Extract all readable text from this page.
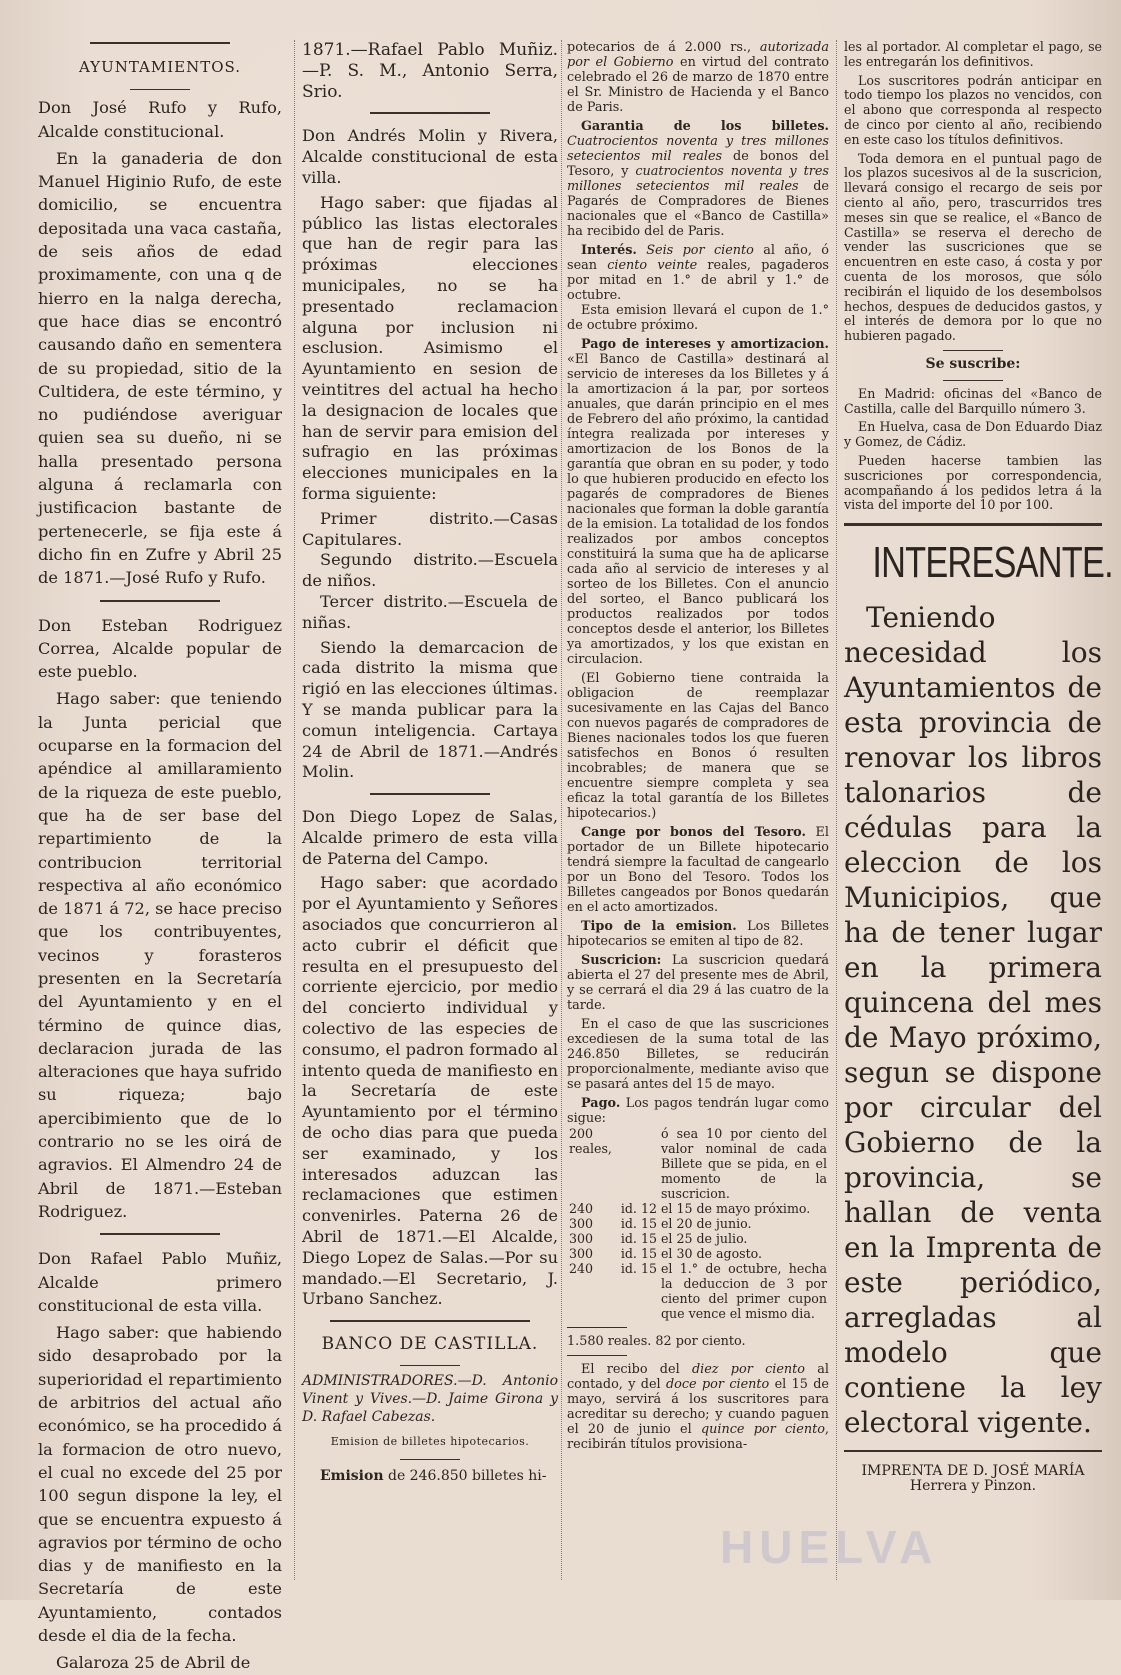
AYUNTAMIENTOS.

Don José Rufo y Rufo, Alcalde constitucional.

En la ganaderia de don Manuel Higinio Rufo, de este domicilio, se encuentra depositada una vaca castaña, de seis años de edad proximamente, con una q de hierro en la nalga derecha, que hace dias se encontró causando daño en sementera de su propiedad, sitio de la Cultidera, de este término, y no pudiéndose averiguar quien sea su dueño, ni se halla presentado persona alguna á reclamarla con justificacion bastante de pertenecerle, se fija este á dicho fin en Zufre y Abril 25 de 1871.—José Rufo y Rufo.

Don Esteban Rodriguez Correa, Alcalde popular de este pueblo.

Hago saber: que teniendo la Junta pericial que ocuparse en la formacion del apéndice al amillaramiento de la riqueza de este pueblo, que ha de ser base del repartimiento de la contribucion territorial respectiva al año económico de 1871 á 72, se hace preciso que los contribuyentes, vecinos y forasteros presenten en la Secretaría del Ayuntamiento y en el término de quince dias, declaracion jurada de las alteraciones que haya sufrido su riqueza; bajo apercibimiento que de lo contrario no se les oirá de agravios. El Almendro 24 de Abril de 1871.—Esteban Rodriguez.

Don Rafael Pablo Muñiz, Alcalde primero constitucional de esta villa.

Hago saber: que habiendo sido desaprobado por la superioridad el repartimiento de arbitrios del actual año económico, se ha procedido á la formacion de otro nuevo, el cual no excede del 25 por 100 segun dispone la ley, el que se encuentra expuesto á agravios por término de ocho dias y de manifiesto en la Secretaría de este Ayuntamiento, contados desde el dia de la fecha.

Galaroza 25 de Abril de

1871.—Rafael Pablo Muñiz. —P. S. M., Antonio Serra, Srio.

Don Andrés Molin y Rivera, Alcalde constitucional de esta villa.

Hago saber: que fijadas al público las listas electorales que han de regir para las próximas elecciones municipales, no se ha presentado reclamacion alguna por inclusion ni esclusion. Asimismo el Ayuntamiento en sesion de veintitres del actual ha hecho la designacion de locales que han de servir para emision del sufragio en las próximas elecciones municipales en la forma siguiente:

Primer distrito.—Casas Capitulares.

Segundo distrito.—Escuela de niños.

Tercer distrito.—Escuela de niñas.

Siendo la demarcacion de cada distrito la misma que rigió en las elecciones últimas. Y se manda publicar para la comun inteligencia. Cartaya 24 de Abril de 1871.—Andrés Molin.

Don Diego Lopez de Salas, Alcalde primero de esta villa de Paterna del Campo.

Hago saber: que acordado por el Ayuntamiento y Señores asociados que concurrieron al acto cubrir el déficit que resulta en el presupuesto del corriente ejercicio, por medio del concierto individual y colectivo de las especies de consumo, el padron formado al intento queda de manifiesto en la Secretaría de este Ayuntamiento por el término de ocho dias para que pueda ser examinado, y los interesados aduzcan las reclamaciones que estimen convenirles. Paterna 26 de Abril de 1871.—El Alcalde, Diego Lopez de Salas.—Por su mandado.—El Secretario, J. Urbano Sanchez.

BANCO DE CASTILLA.

ADMINISTRADORES.—D. Antonio Vinent y Vives.—D. Jaime Girona y D. Rafael Cabezas.

Emision de billetes hipotecarios.

Emision de 246.850 billetes hi-

potecarios de á 2.000 rs., autorizada por el Gobierno en virtud del contrato celebrado el 26 de marzo de 1870 entre el Sr. Ministro de Hacienda y el Banco de Paris.

Garantia de los billetes. Cuatrocientos noventa y tres millones setecientos mil reales de bonos del Tesoro, y cuatrocientos noventa y tres millones setecientos mil reales de Pagarés de Compradores de Bienes nacionales que el «Banco de Castilla» ha recibido del de Paris.

Interés. Seis por ciento al año, ó sean ciento veinte reales, pagaderos por mitad en 1.° de abril y 1.° de octubre.

Esta emision llevará el cupon de 1.° de octubre próximo.

Pago de intereses y amortizacion. «El Banco de Castilla» destinará al servicio de intereses da los Billetes y á la amortizacion á la par, por sorteos anuales, que darán principio en el mes de Febrero del año próximo, la cantidad íntegra realizada por intereses y amortizacion de los Bonos de la garantía que obran en su poder, y todo lo que hubieren producido en efecto los pagarés de compradores de Bienes nacionales que forman la doble garantía de la emision. La totalidad de los fondos realizados por ambos conceptos constituirá la suma que ha de aplicarse cada año al servicio de intereses y al sorteo de los Billetes. Con el anuncio del sorteo, el Banco publicará los productos realizados por todos conceptos desde el anterior, los Billetes ya amortizados, y los que existan en circulacion.

(El Gobierno tiene contraida la obligacion de reemplazar sucesivamente en las Cajas del Banco con nuevos pagarés de compradores de Bienes nacionales todos los que fueren satisfechos en Bonos ó resulten incobrables; de manera que se encuentre siempre completa y sea eficaz la total garantía de los Billetes hipotecarios.)

Cange por bonos del Tesoro. El portador de un Billete hipotecario tendrá siempre la facultad de cangearlo por un Bono del Tesoro. Todos los Billetes cangeados por Bonos quedarán en el acto amortizados.

Tipo de la emision. Los Billetes hipotecarios se emiten al tipo de 82.

Suscricion: La suscricion quedará abierta el 27 del presente mes de Abril, y se cerrará el dia 29 á las cuatro de la tarde.

En el caso de que las suscriciones excediesen de la suma total de las 246.850 Billetes, se reducirán proporcionalmente, mediante aviso que se pasará antes del 15 de mayo.

Pago. Los pagos tendrán lugar como sigue:

200 reales,			ó sea 10 por ciento del valor nominal de cada Billete que se pida, en el momento de la suscricion.
240	id.	12	el 15 de mayo próximo.
300	id.	15	el 20 de junio.
300	id.	15	el 25 de julio.
300	id.	15	el 30 de agosto.
240	id.	15	el 1.° de octubre, hecha la deduccion de 3 por ciento del primer cupon que vence el mismo dia.

1.580 reales. 82 por ciento.

El recibo del diez por ciento al contado, y del doce por ciento el 15 de mayo, servirá á los suscritores para acreditar su derecho; y cuando paguen el 20 de junio el quince por ciento, recibirán títulos provisiona-

les al portador. Al completar el pago, se les entregarán los definitivos.

Los suscritores podrán anticipar en todo tiempo los plazos no vencidos, con el abono que corresponda al respecto de cinco por ciento al año, recibiendo en este caso los títulos definitivos.

Toda demora en el puntual pago de los plazos sucesivos al de la suscricion, llevará consigo el recargo de seis por ciento al año, pero, trascurridos tres meses sin que se realice, el «Banco de Castilla» se reserva el derecho de vender las suscriciones que se encuentren en este caso, á costa y por cuenta de los morosos, que sólo recibirán el liquido de los desembolsos hechos, despues de deducidos gastos, y el interés de demora por lo que no hubieren pagado.

Se suscribe:

En Madrid: oficinas del «Banco de Castilla, calle del Barquillo número 3.

En Huelva, casa de Don Eduardo Diaz y Gomez, de Cádiz.

Pueden hacerse tambien las suscriciones por correspondencia, acompañando á los pedidos letra á la vista del importe del 10 por 100.

INTERESANTE.

Teniendo necesidad los Ayuntamientos de esta provincia de renovar los libros talonarios de cédulas para la eleccion de los Municipios, que ha de tener lugar en la primera quincena del mes de Mayo próximo, segun se dispone por circular del Gobierno de la provincia, se hallan de venta en la Imprenta de este periódico, arregladas al modelo que contiene la ley electoral vigente.

IMPRENTA DE D. JOSÉ MARÍA Herrera y Pinzon.

HUELVA
